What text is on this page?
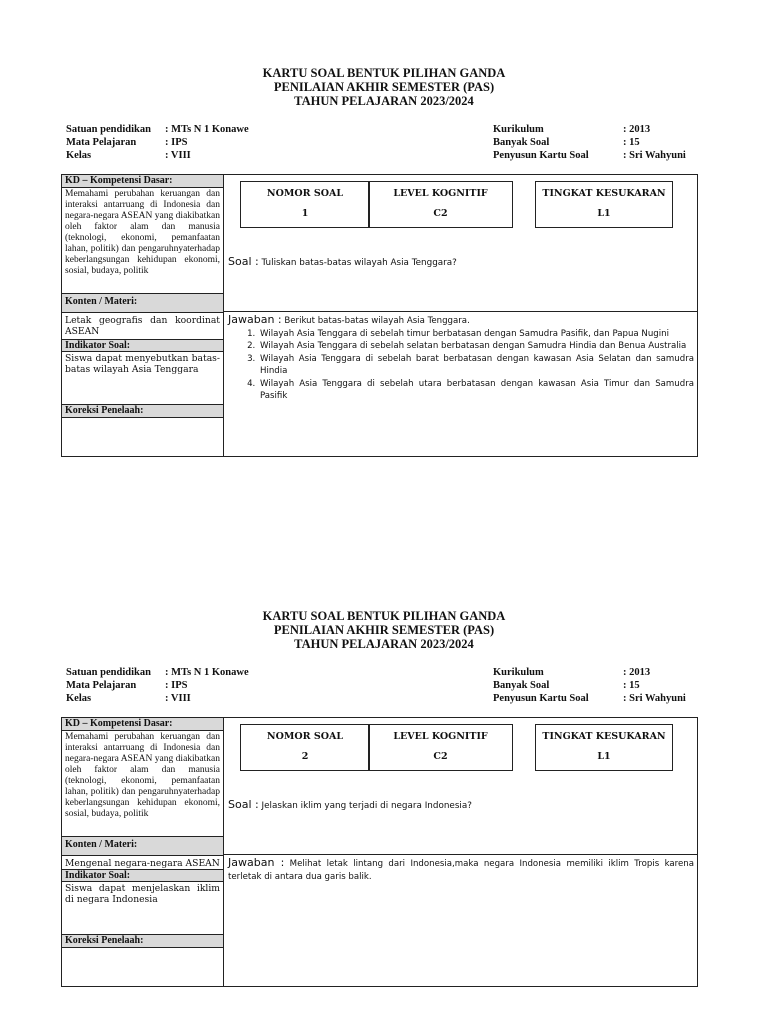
KARTU SOAL BENTUK PILIHAN GANDA
PENILAIAN AKHIR SEMESTER (PAS)
TAHUN PELAJARAN 2023/2024
Satuan pendidikan : MTs N 1 Konawe
Mata Pelajaran	: IPS
Kelas	: VIII
Kurikulum	: 2013
Banyak Soal	: 15
Penyusun Kartu Soal	: Sri Wahyuni
KD – Kompetensi Dasar:
Memahami perubahan keruangan dan interaksi antarruang di Indonesia dan negara-negara ASEAN yang diakibatkan oleh faktor alam dan manusia (teknologi, ekonomi, pemanfaatan lahan, politik) dan pengaruhnyaterhadap keberlangsungan kehidupan ekonomi, sosial, budaya, politik
Konten / Materi:
Letak geografis dan koordinat ASEAN
Indikator Soal:
Siswa dapat menyebutkan batas-batas wilayah Asia Tenggara
Koreksi Penelaah:
NOMOR SOAL
1
LEVEL KOGNITIF
C2
TINGKAT KESUKARAN
L1
Soal : Tuliskan batas-batas wilayah Asia Tenggara?
Jawaban : Berikut batas-batas wilayah Asia Tenggara.
1. Wilayah Asia Tenggara di sebelah timur berbatasan dengan Samudra Pasifik, dan Papua Nugini
2. Wilayah Asia Tenggara di sebelah selatan berbatasan dengan Samudra Hindia dan Benua Australia
3. Wilayah Asia Tenggara di sebelah barat berbatasan dengan kawasan Asia Selatan dan samudra Hindia
4. Wilayah Asia Tenggara di sebelah utara berbatasan dengan kawasan Asia Timur dan Samudra Pasifik
KARTU SOAL BENTUK PILIHAN GANDA
PENILAIAN AKHIR SEMESTER (PAS)
TAHUN PELAJARAN 2023/2024
Satuan pendidikan : MTs N 1 Konawe
Mata Pelajaran	: IPS
Kelas	: VIII
Kurikulum	: 2013
Banyak Soal	: 15
Penyusun Kartu Soal	: Sri Wahyuni
KD – Kompetensi Dasar:
Memahami perubahan keruangan dan interaksi antarruang di Indonesia dan negara-negara ASEAN yang diakibatkan oleh faktor alam dan manusia (teknologi, ekonomi, pemanfaatan lahan, politik) dan pengaruhnyaterhadap keberlangsungan kehidupan ekonomi, sosial, budaya, politik
Konten / Materi:
Mengenal negara-negara ASEAN
Indikator Soal:
Siswa dapat menjelaskan iklim di negara Indonesia
Koreksi Penelaah:
NOMOR SOAL
2
LEVEL KOGNITIF
C2
TINGKAT KESUKARAN
L1
Soal : Jelaskan iklim yang terjadi di negara Indonesia?
Jawaban : Melihat letak lintang dari Indonesia,maka negara Indonesia memiliki iklim Tropis karena terletak di antara dua garis balik.
